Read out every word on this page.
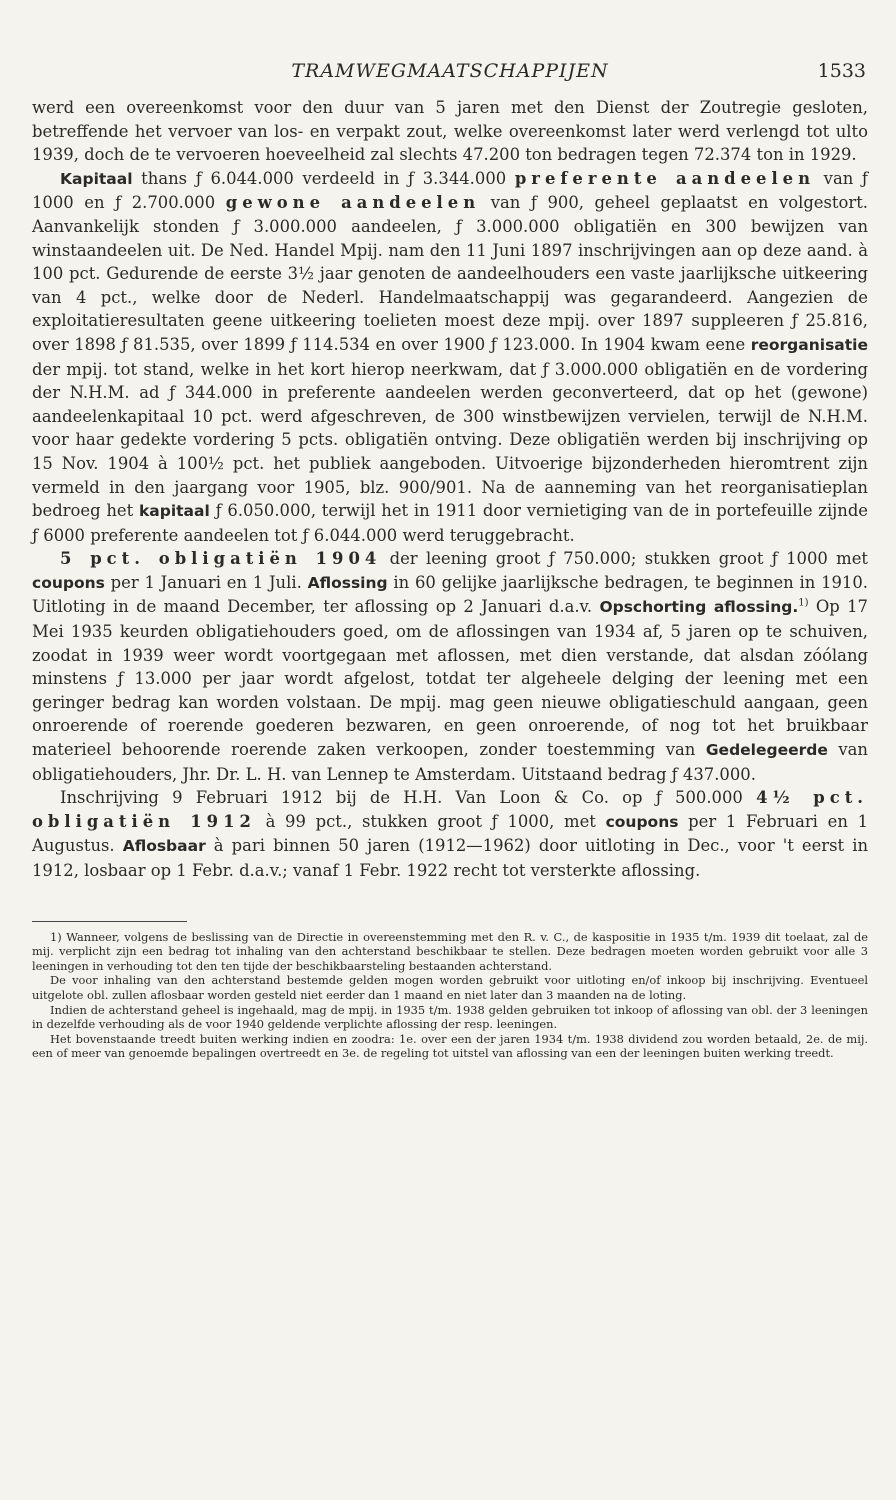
TRAMWEGMAATSCHAPPIJEN	1533

werd een overeenkomst voor den duur van 5 jaren met den Dienst der Zoutregie gesloten, betreffende het vervoer van los- en verpakt zout, welke overeenkomst later werd verlengd tot ulto 1939, doch de te vervoeren hoeveelheid zal slechts 47.200 ton bedragen tegen 72.374 ton in 1929.

Kapitaal thans ƒ 6.044.000 verdeeld in ƒ 3.344.000 preferente aandeelen van ƒ 1000 en ƒ 2.700.000 gewone aandeelen van ƒ 900, geheel geplaatst en volgestort. Aanvankelijk stonden ƒ 3.000.000 aandeelen, ƒ 3.000.000 obligatiën en 300 bewijzen van winstaandeelen uit. De Ned. Handel Mpij. nam den 11 Juni 1897 inschrijvingen aan op deze aand. à 100 pct. Gedurende de eerste 3½ jaar genoten de aandeelhouders een vaste jaarlijksche uitkeering van 4 pct., welke door de Nederl. Handelmaatschappij was gegarandeerd. Aangezien de exploitatieresultaten geene uitkeering toelieten moest deze mpij. over 1897 suppleeren ƒ 25.816, over 1898 ƒ 81.535, over 1899 ƒ 114.534 en over 1900 ƒ 123.000. In 1904 kwam eene reorganisatie der mpij. tot stand, welke in het kort hierop neerkwam, dat ƒ 3.000.000 obligatiën en de vordering der N.H.M. ad ƒ 344.000 in preferente aandeelen werden geconverteerd, dat op het (gewone) aandeelenkapitaal 10 pct. werd afgeschreven, de 300 winstbewijzen vervielen, terwijl de N.H.M. voor haar gedekte vordering 5 pcts. obligatiën ontving. Deze obligatiën werden bij inschrijving op 15 Nov. 1904 à 100½ pct. het publiek aangeboden. Uitvoerige bijzonderheden hieromtrent zijn vermeld in den jaargang voor 1905, blz. 900/901. Na de aanneming van het reorganisatieplan bedroeg het kapitaal ƒ 6.050.000, terwijl het in 1911 door vernietiging van de in portefeuille zijnde ƒ 6000 preferente aandeelen tot ƒ 6.044.000 werd teruggebracht.

5 pct. obligatiën 1904 der leening groot ƒ 750.000; stukken groot ƒ 1000 met coupons per 1 Januari en 1 Juli. Aflossing in 60 gelijke jaarlijksche bedragen, te beginnen in 1910. Uitloting in de maand December, ter aflossing op 2 Januari d.a.v. Opschorting aflossing.$^{1)}$ Op 17 Mei 1935 keurden obligatiehouders goed, om de aflossingen van 1934 af, 5 jaren op te schuiven, zoodat in 1939 weer wordt voortgegaan met aflossen, met dien verstande, dat alsdan zóólang minstens ƒ 13.000 per jaar wordt afgelost, totdat ter algeheele delging der leening met een geringer bedrag kan worden volstaan. De mpij. mag geen nieuwe obligatieschuld aangaan, geen onroerende of roerende goederen bezwaren, en geen onroerende, of nog tot het bruikbaar materieel behoorende roerende zaken verkoopen, zonder toestemming van Gedelegeerde van obligatiehouders, Jhr. Dr. L. H. van Lennep te Amsterdam. Uitstaand bedrag ƒ 437.000.

Inschrijving 9 Februari 1912 bij de H.H. Van Loon & Co. op ƒ 500.000 4½ pct. obligatiën 1912 à 99 pct., stukken groot ƒ 1000, met coupons per 1 Februari en 1 Augustus. Aflosbaar à pari binnen 50 jaren (1912—1962) door uitloting in Dec., voor 't eerst in 1912, losbaar op 1 Febr. d.a.v.; vanaf 1 Febr. 1922 recht tot versterkte aflossing.

1) Wanneer, volgens de beslissing van de Directie in overeenstemming met den R. v. C., de kaspositie in 1935 t/m. 1939 dit toelaat, zal de mij. verplicht zijn een bedrag tot inhaling van den achterstand beschikbaar te stellen. Deze bedragen moeten worden gebruikt voor alle 3 leeningen in verhouding tot den ten tijde der beschikbaarsteling bestaanden achterstand.

De voor inhaling van den achterstand bestemde gelden mogen worden gebruikt voor uitloting en/of inkoop bij inschrijving. Eventueel uitgelote obl. zullen aflosbaar worden gesteld niet eerder dan 1 maand en niet later dan 3 maanden na de loting.

Indien de achterstand geheel is ingehaald, mag de mpij. in 1935 t/m. 1938 gelden gebruiken tot inkoop of aflossing van obl. der 3 leeningen in dezelfde verhouding als de voor 1940 geldende verplichte aflossing der resp. leeningen.

Het bovenstaande treedt buiten werking indien en zoodra: 1e. over een der jaren 1934 t/m. 1938 dividend zou worden betaald, 2e. de mij. een of meer van genoemde bepalingen overtreedt en 3e. de regeling tot uitstel van aflossing van een der leeningen buiten werking treedt.
